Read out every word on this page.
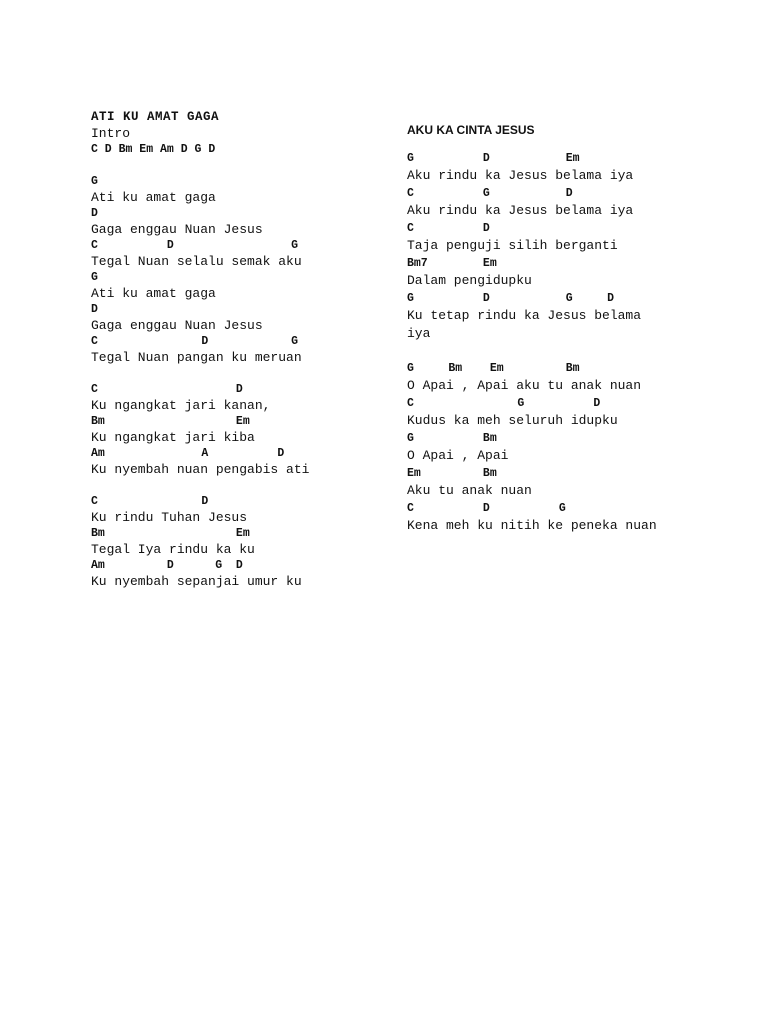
ATI KU AMAT GAGA
Intro
C D Bm Em Am D G D
G
Ati ku amat gaga
D
Gaga enggau Nuan Jesus
C          D                 G
Tegal Nuan selalu semak aku
G
Ati ku amat gaga
D
Gaga enggau Nuan Jesus
C               D            G
Tegal Nuan pangan ku meruan
C                    D
Ku ngangkat jari kanan,
Bm                   Em
Ku ngangkat jari kiba
Am              A          D
Ku nyembah nuan pengabis ati
C               D
Ku rindu Tuhan Jesus
Bm                   Em
Tegal Iya rindu ka ku
Am         D      G  D
Ku nyembah sepanjai umur ku
AKU KA CINTA JESUS
G          D           Em
Aku rindu ka Jesus belama iya
C          G           D
Aku rindu ka Jesus belama iya
C          D
Taja penguji silih berganti
Bm7        Em
Dalam pengidupku
G          D           G     D
Ku tetap rindu ka Jesus belama
iya
G     Bm    Em         Bm
O Apai , Apai aku tu anak nuan
C               G          D
Kudus ka meh seluruh idupku
G          Bm
O Apai , Apai
Em         Bm
Aku tu anak nuan
C          D          G
Kena meh ku nitih ke peneka nuan
